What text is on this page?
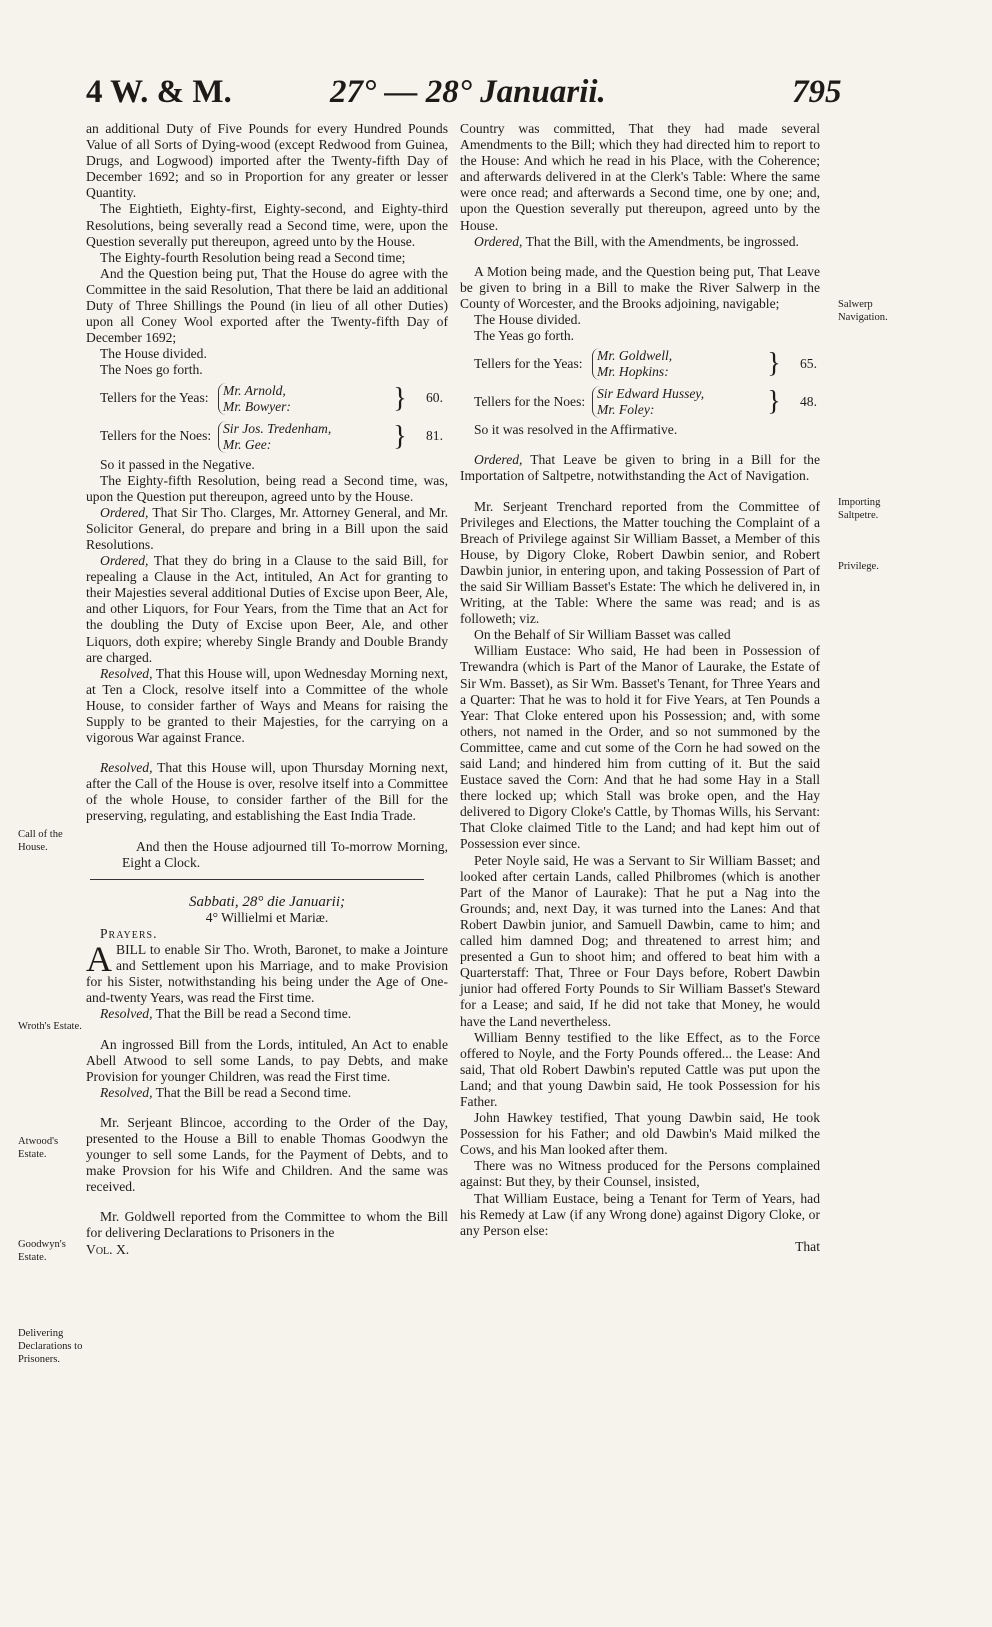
4 W. & M.	27° — 28° Januarii.	795
Call of the House.
Wroth's Estate.
Atwood's Estate.
Goodwyn's Estate.
Delivering Declarations to Prisoners.
Salwerp Navigation.
Importing Saltpetre.
Privilege.

an additional Duty of Five Pounds for every Hundred Pounds Value of all Sorts of Dying-wood (except Redwood from Guinea, Drugs, and Logwood) imported after the Twenty-fifth Day of December 1692; and so in Proportion for any greater or lesser Quantity.

The Eightieth, Eighty-first, Eighty-second, and Eighty-third Resolutions, being severally read a Second time, were, upon the Question severally put thereupon, agreed unto by the House.

The Eighty-fourth Resolution being read a Second time;

And the Question being put, That the House do agree with the Committee in the said Resolution, That there be laid an additional Duty of Three Shillings the Pound (in lieu of all other Duties) upon all Coney Wool exported after the Twenty-fifth Day of December 1692;

The House divided.

The Noes go forth.

Tellers for the Yeas:
Mr. Arnold,
Mr. Bowyer:	}	60.
Tellers for the Noes:
Sir Jos. Tredenham,
Mr. Gee:	}	81.

So it passed in the Negative.

The Eighty-fifth Resolution, being read a Second time, was, upon the Question put thereupon, agreed unto by the House.

Ordered, That Sir Tho. Clarges, Mr. Attorney General, and Mr. Solicitor General, do prepare and bring in a Bill upon the said Resolutions.

Ordered, That they do bring in a Clause to the said Bill, for repealing a Clause in the Act, intituled, An Act for granting to their Majesties several additional Duties of Excise upon Beer, Ale, and other Liquors, for Four Years, from the Time that an Act for the doubling the Duty of Excise upon Beer, Ale, and other Liquors, doth expire; whereby Single Brandy and Double Brandy are charged.

Resolved, That this House will, upon Wednesday Morning next, at Ten a Clock, resolve itself into a Committee of the whole House, to consider farther of Ways and Means for raising the Supply to be granted to their Majesties, for the carrying on a vigorous War against France.

Resolved, That this House will, upon Thursday Morning next, after the Call of the House is over, resolve itself into a Committee of the whole House, to consider farther of the Bill for the preserving, regulating, and establishing the East India Trade.

And then the House adjourned till To-morrow Morning, Eight a Clock.

Sabbati, 28° die Januarii;

4° Willielmi et Mariæ.

Prayers.

A BILL to enable Sir Tho. Wroth, Baronet, to make a Jointure and Settlement upon his Marriage, and to make Provision for his Sister, notwithstanding his being under the Age of One-and-twenty Years, was read the First time.

Resolved, That the Bill be read a Second time.

An ingrossed Bill from the Lords, intituled, An Act to enable Abell Atwood to sell some Lands, to pay Debts, and make Provision for younger Children, was read the First time.

Resolved, That the Bill be read a Second time.

Mr. Serjeant Blincoe, according to the Order of the Day, presented to the House a Bill to enable Thomas Goodwyn the younger to sell some Lands, for the Payment of Debts, and to make Provsion for his Wife and Children. And the same was received.

Mr. Goldwell reported from the Committee to whom the Bill for delivering Declarations to Prisoners in the

Vol. X.

Country was committed, That they had made several Amendments to the Bill; which they had directed him to report to the House: And which he read in his Place, with the Coherence; and afterwards delivered in at the Clerk's Table: Where the same were once read; and afterwards a Second time, one by one; and, upon the Question severally put thereupon, agreed unto by the House.

Ordered, That the Bill, with the Amendments, be ingrossed.

A Motion being made, and the Question being put, That Leave be given to bring in a Bill to make the River Salwerp in the County of Worcester, and the Brooks adjoining, navigable;

The House divided.

The Yeas go forth.

Tellers for the Yeas:
Mr. Goldwell,
Mr. Hopkins:	}	65.
Tellers for the Noes:
Sir Edward Hussey,
Mr. Foley:	}	48.

So it was resolved in the Affirmative.

Ordered, That Leave be given to bring in a Bill for the Importation of Saltpetre, notwithstanding the Act of Navigation.

Mr. Serjeant Trenchard reported from the Committee of Privileges and Elections, the Matter touching the Complaint of a Breach of Privilege against Sir William Basset, a Member of this House, by Digory Cloke, Robert Dawbin senior, and Robert Dawbin junior, in entering upon, and taking Possession of Part of the said Sir William Basset's Estate: The which he delivered in, in Writing, at the Table: Where the same was read; and is as followeth; viz.

On the Behalf of Sir William Basset was called

William Eustace: Who said, He had been in Possession of Trewandra (which is Part of the Manor of Laurake, the Estate of Sir Wm. Basset), as Sir Wm. Basset's Tenant, for Three Years and a Quarter: That he was to hold it for Five Years, at Ten Pounds a Year: That Cloke entered upon his Possession; and, with some others, not named in the Order, and so not summoned by the Committee, came and cut some of the Corn he had sowed on the said Land; and hindered him from cutting of it. But the said Eustace saved the Corn: And that he had some Hay in a Stall there locked up; which Stall was broke open, and the Hay delivered to Digory Cloke's Cattle, by Thomas Wills, his Servant: That Cloke claimed Title to the Land; and had kept him out of Possession ever since.

Peter Noyle said, He was a Servant to Sir William Basset; and looked after certain Lands, called Philbromes (which is another Part of the Manor of Laurake): That he put a Nag into the Grounds; and, next Day, it was turned into the Lanes: And that Robert Dawbin junior, and Samuell Dawbin, came to him; and called him damned Dog; and threatened to arrest him; and presented a Gun to shoot him; and offered to beat him with a Quarterstaff: That, Three or Four Days before, Robert Dawbin junior had offered Forty Pounds to Sir William Basset's Steward for a Lease; and said, If he did not take that Money, he would have the Land nevertheless.

William Benny testified to the like Effect, as to the Force offered to Noyle, and the Forty Pounds offered... the Lease: And said, That old Robert Dawbin's reputed Cattle was put upon the Land; and that young Dawbin said, He took Possession for his Father.

John Hawkey testified, That young Dawbin said, He took Possession for his Father; and old Dawbin's Maid milked the Cows, and his Man looked after them.

There was no Witness produced for the Persons complained against: But they, by their Counsel, insisted,

That William Eustace, being a Tenant for Term of Years, had his Remedy at Law (if any Wrong done) against Digory Cloke, or any Person else:

That
